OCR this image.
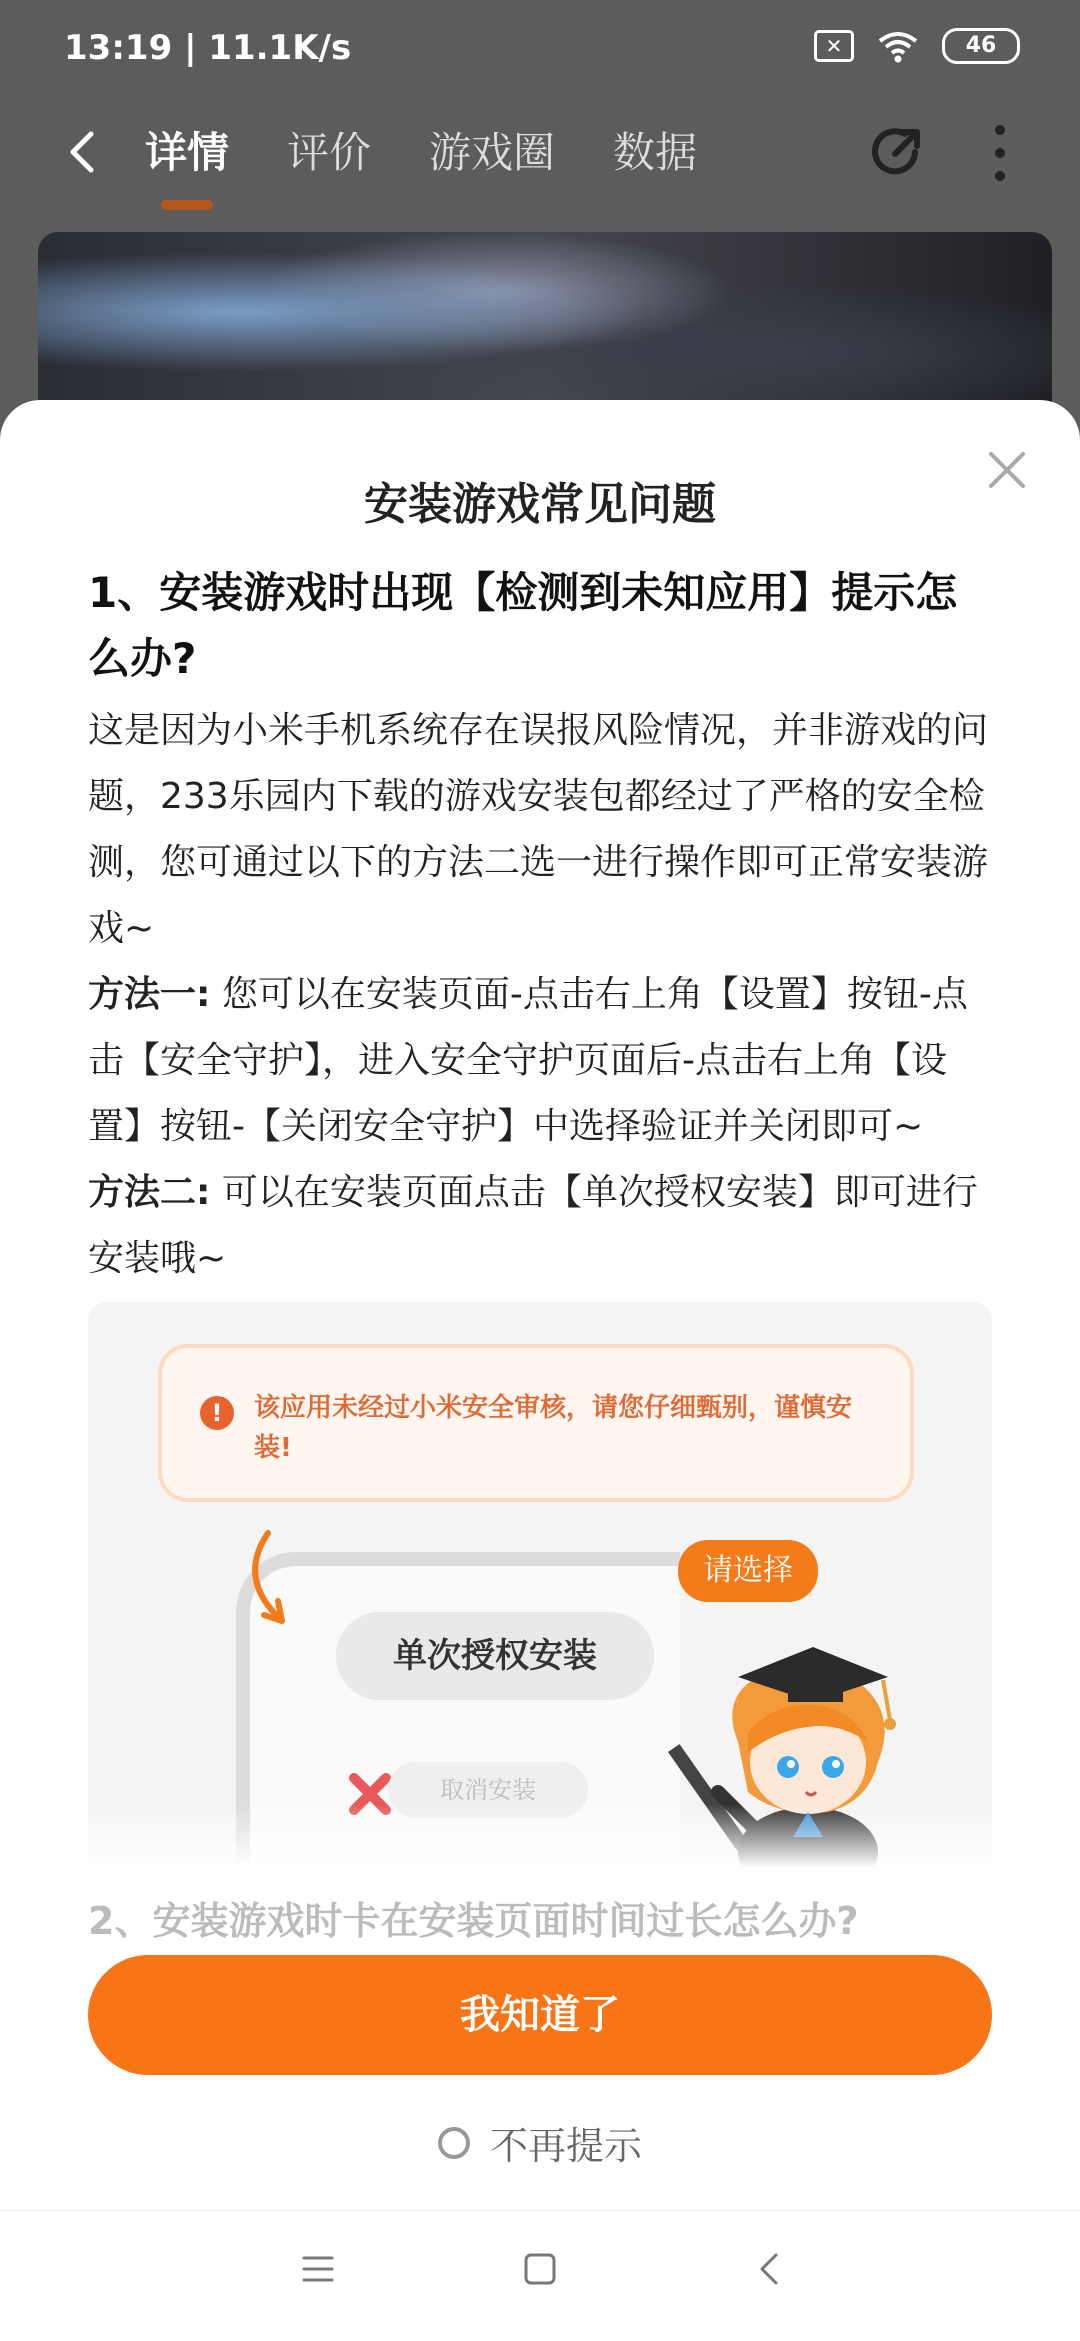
13:19 | 11.1K/s	✕	46
详情 评价 游戏圈 数据
安装游戏常见问题
1、安装游戏时出现【检测到未知应用】提示怎么办?

这是因为小米手机系统存在误报风险情况，并非游戏的问题，233乐园内下载的游戏安装包都经过了严格的安全检测，您可通过以下的方法二选一进行操作即可正常安装游戏~

方法一: 您可以在安装页面-点击右上角【设置】按钮-点击【安全守护】，进入安全守护页面后-点击右上角【设置】按钮-【关闭安全守护】中选择验证并关闭即可~

方法二: 可以在安装页面点击【单次授权安装】即可进行安装哦~

!	该应用未经过小米安全审核，请您仔细甄别，谨慎安装!
单次授权安装
取消安装
请选择
2、安装游戏时卡在安装页面时间过长怎么办?
我知道了
不再提示
